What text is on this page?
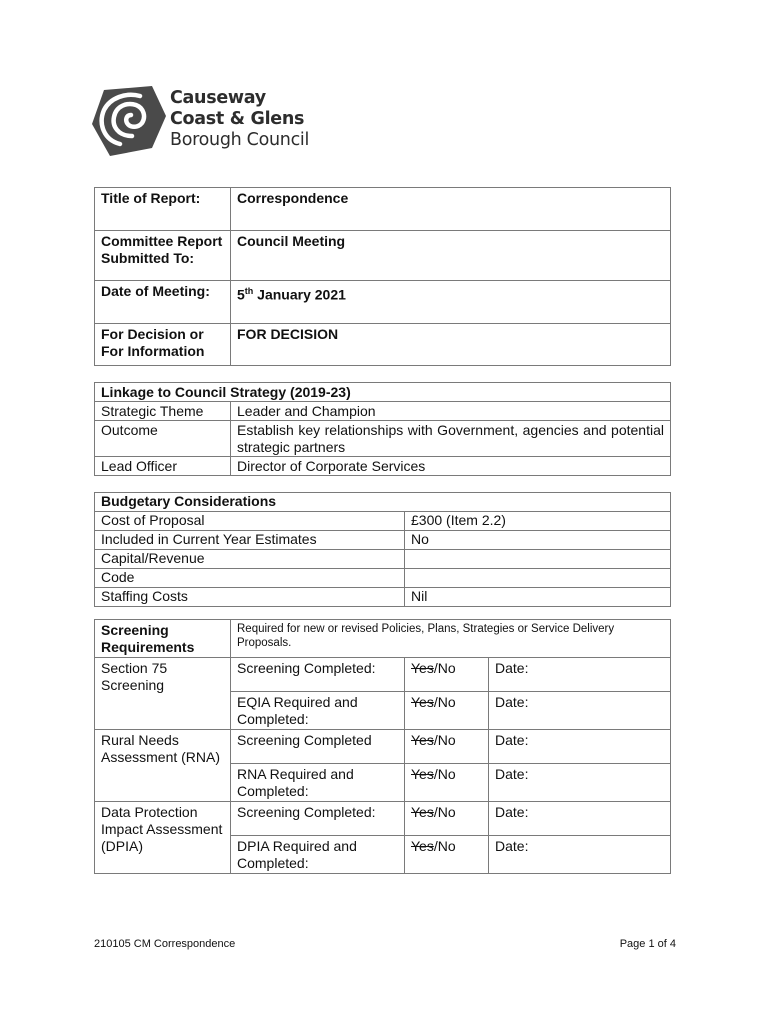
Causeway
Coast & Glens
Borough Council
Title of Report:	Correspondence
Committee Report Submitted To:	Council Meeting
Date of Meeting:	5th January 2021
For Decision or For Information	FOR DECISION
Linkage to Council Strategy (2019-23)	
Strategic Theme	Leader and Champion
Outcome	Establish key relationships with Government, agencies and potential strategic partners
Lead Officer	Director of Corporate Services
Budgetary Considerations	
Cost of Proposal	£300 (Item 2.2)
Included in Current Year Estimates	No
Capital/Revenue	
Code	
Staffing Costs	Nil
Screening Requirements	Required for new or revised Policies, Plans, Strategies or Service Delivery Proposals.		
Section 75 Screening	Screening Completed:	Yes/No	Date:
	EQIA Required and Completed:	Yes/No	Date:
Rural Needs Assessment (RNA)	Screening Completed	Yes/No	Date:
	RNA Required and Completed:	Yes/No	Date:
Data Protection Impact Assessment (DPIA)	Screening Completed:	Yes/No	Date:
	DPIA Required and Completed:	Yes/No	Date:
210105 CM Correspondence	Page 1 of 4
